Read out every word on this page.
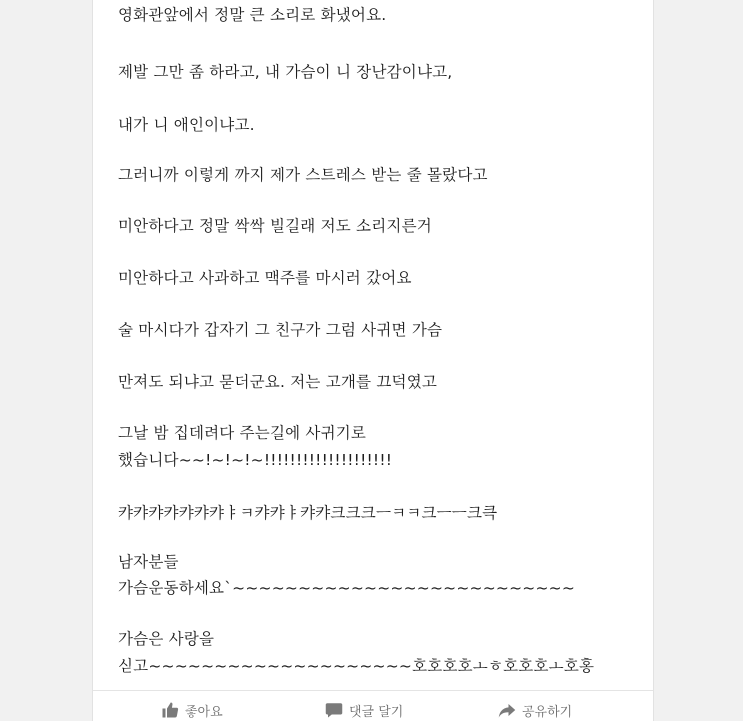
영화관앞에서 정말 큰 소리로 화냈어요.
제발 그만 좀 하라고, 내 가슴이 니 장난감이냐고,
내가 니 애인이냐고.
그러니까 이렇게 까지 제가 스트레스 받는 줄 몰랐다고
미안하다고 정말 싹싹 빌길래 저도 소리지른거
미안하다고 사과하고 맥주를 마시러 갔어요
술 마시다가 갑자기 그 친구가 그럼 사귀면 가슴
만져도 되냐고 묻더군요. 저는 고개를 끄덕였고
그날 밤 집데려다 주는길에 사귀기로
했습니다~~!~!~!~!!!!!!!!!!!!!!!!!!!!
캬캬캬캬캬캬캬ㅑㅋ캬캬ㅑ캬캬크크크ㅡㅋㅋ크ㅡㅡ크큭
남자분들
가슴운동하세요`~~~~~~~~~~~~~~~~~~~~~~~~~~
가슴은 사랑을
싣고~~~~~~~~~~~~~~~~~~~~호호호호ㅗㅎ호호호ㅗ호홍
좋아요	댓글 달기	공유하기
